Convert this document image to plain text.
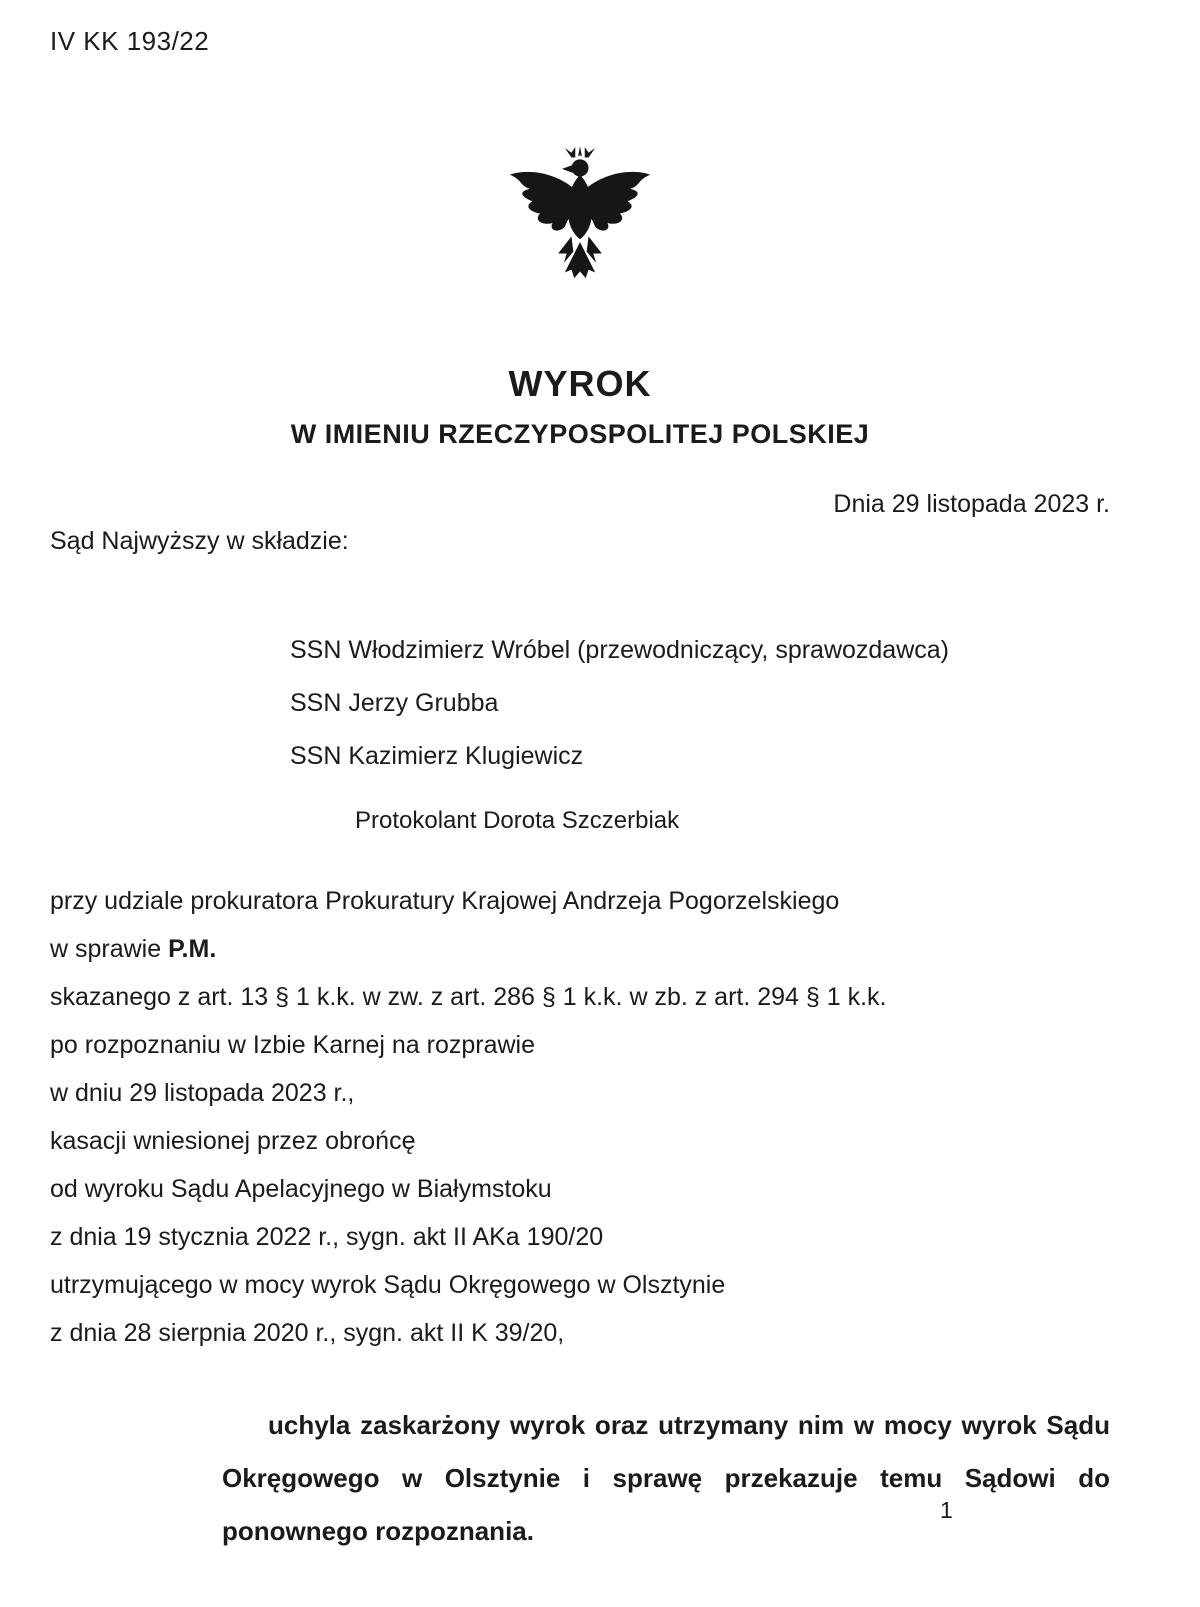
IV KK 193/22
WYROK
W IMIENIU RZECZYPOSPOLITEJ POLSKIEJ
Dnia 29 listopada 2023 r.
Sąd Najwyższy w składzie:
SSN Włodzimierz Wróbel (przewodniczący, sprawozdawca)
SSN Jerzy Grubba
SSN Kazimierz Klugiewicz
Protokolant Dorota Szczerbiak

przy udziale prokuratora Prokuratury Krajowej Andrzeja Pogorzelskiego

w sprawie P.M.

skazanego z art. 13 § 1 k.k. w zw. z art. 286 § 1 k.k. w zb. z art. 294 § 1 k.k.

po rozpoznaniu w Izbie Karnej na rozprawie

w dniu 29 listopada 2023 r.,

kasacji wniesionej przez obrońcę

od wyroku Sądu Apelacyjnego w Białymstoku

z dnia 19 stycznia 2022 r., sygn. akt II AKa 190/20

utrzymującego w mocy wyrok Sądu Okręgowego w Olsztynie

z dnia 28 sierpnia 2020 r., sygn. akt II K 39/20,

uchyla zaskarżony wyrok oraz utrzymany nim w mocy wyrok Sądu Okręgowego w Olsztynie i sprawę przekazuje temu Sądowi do ponownego rozpoznania.

1
